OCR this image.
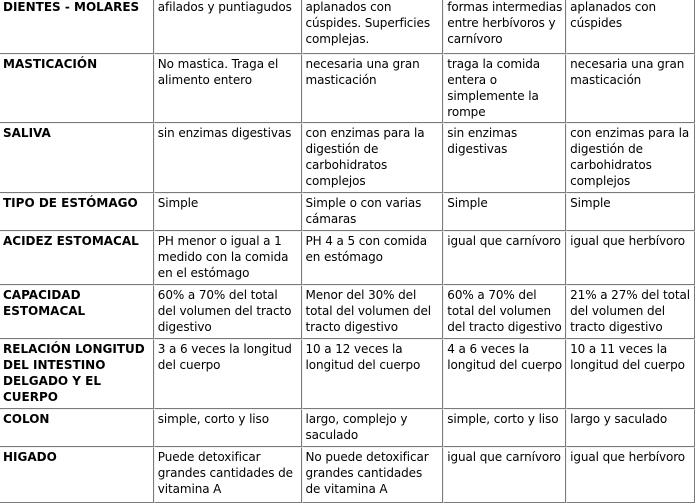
DIENTES - MOLARES	afilados y puntiagudos	aplanados con cúspides. Superficies complejas.	formas intermedias entre herbívoros y carnívoro	aplanados con cúspides
MASTICACIÓN	No mastica. Traga el alimento entero	necesaria una gran masticación	traga la comida entera o simplemente la rompe	necesaria una gran masticación
SALIVA	sin enzimas digestivas	con enzimas para la digestión de carbohidratos complejos	sin enzimas digestivas	con enzimas para la digestión de carbohidratos complejos
TIPO DE ESTÓMAGO	Simple	Simple o con varias cámaras	Simple	Simple
ACIDEZ ESTOMACAL	PH menor o igual a 1 medido con la comida en el estómago	PH 4 a 5 con comida en estómago	igual que carnívoro	igual que herbívoro
CAPACIDAD ESTOMACAL	60% a 70% del total del volumen del tracto digestivo	Menor del 30% del total del volumen del tracto digestivo	60% a 70% del total del volumen del tracto digestivo	21% a 27% del total del volumen del tracto digestivo
RELACIÓN LONGITUD DEL INTESTINO DELGADO Y EL CUERPO	3 a 6 veces la longitud del cuerpo	10 a 12 veces la longitud del cuerpo	4 a 6 veces la longitud del cuerpo	10 a 11 veces la longitud del cuerpo
COLON	simple, corto y liso	largo, complejo y saculado	simple, corto y liso	largo y saculado
HIGADO	Puede detoxificar grandes cantidades de vitamina A	No puede detoxificar grandes cantidades de vitamina A	igual que carnívoro	igual que herbívoro
